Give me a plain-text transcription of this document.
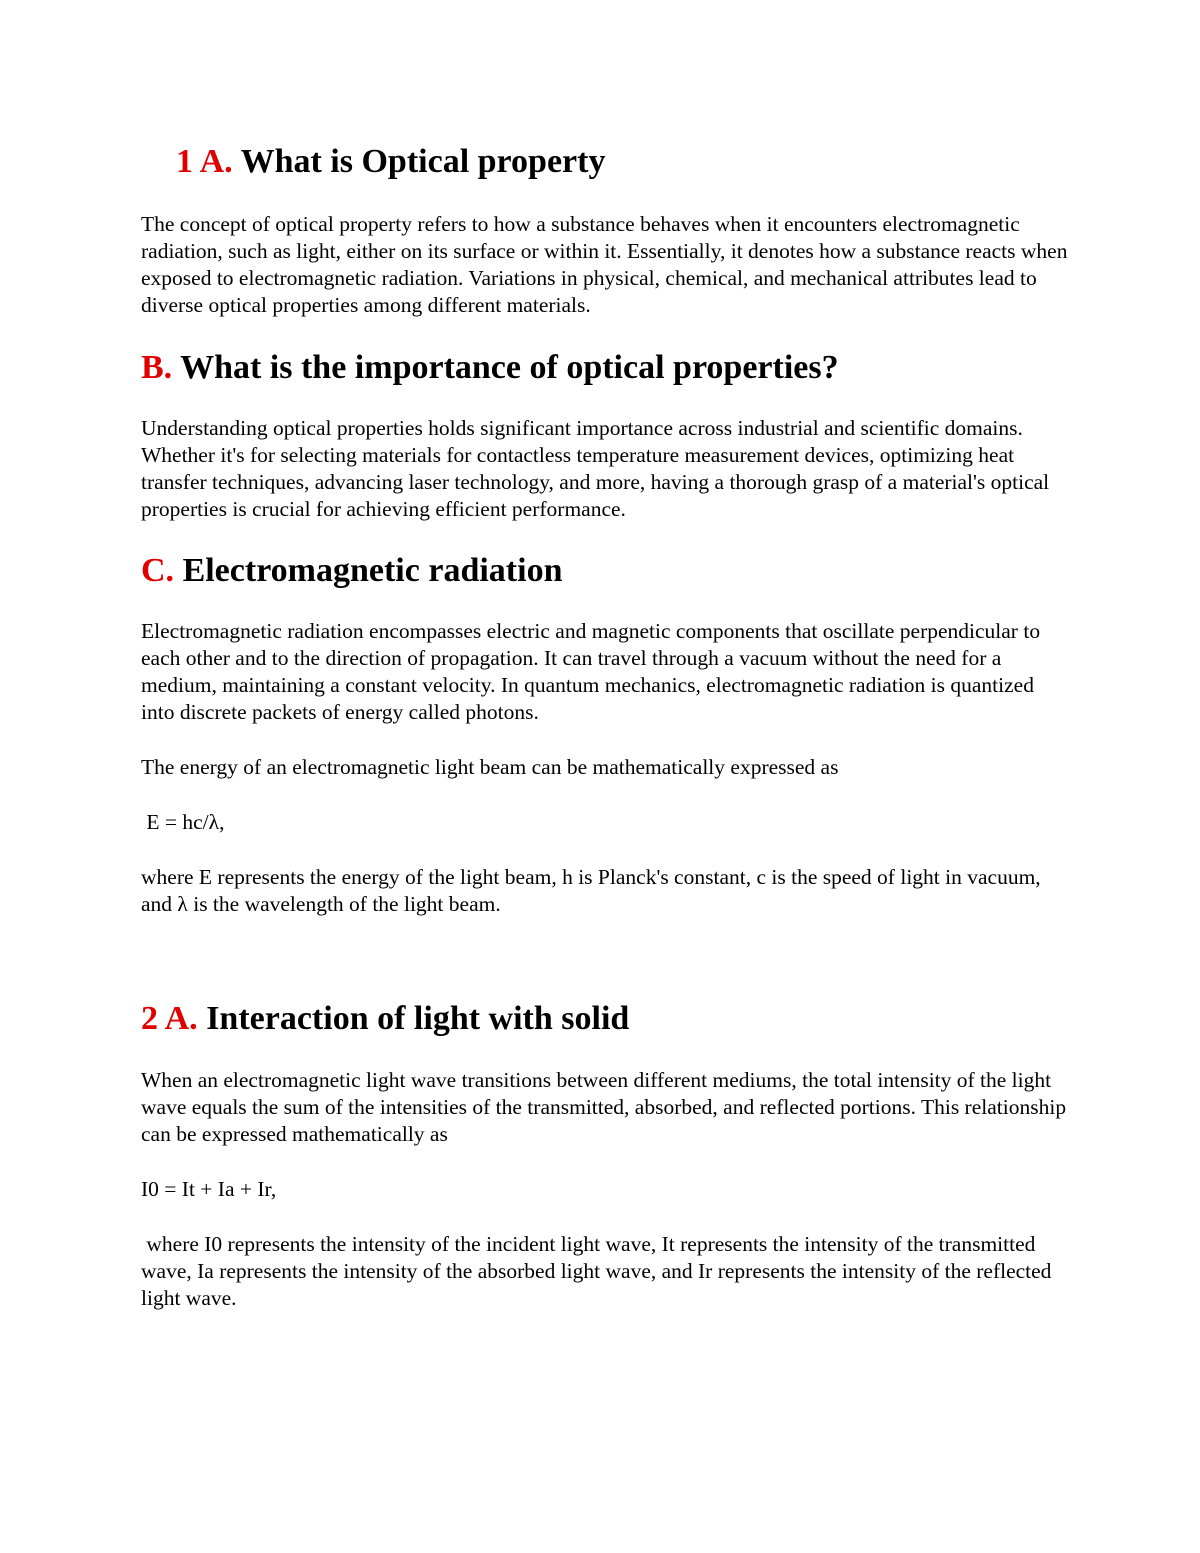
1 A. What is Optical property

The concept of optical property refers to how a substance behaves when it encounters electromagnetic radiation, such as light, either on its surface or within it. Essentially, it denotes how a substance reacts when exposed to electromagnetic radiation. Variations in physical, chemical, and mechanical attributes lead to diverse optical properties among different materials.

B. What is the importance of optical properties?

Understanding optical properties holds significant importance across industrial and scientific domains. Whether it's for selecting materials for contactless temperature measurement devices, optimizing heat transfer techniques, advancing laser technology, and more, having a thorough grasp of a material's optical properties is crucial for achieving efficient performance.

C. Electromagnetic radiation

Electromagnetic radiation encompasses electric and magnetic components that oscillate perpendicular to each other and to the direction of propagation. It can travel through a vacuum without the need for a medium, maintaining a constant velocity. In quantum mechanics, electromagnetic radiation is quantized into discrete packets of energy called photons.

The energy of an electromagnetic light beam can be mathematically expressed as

E = hc/λ,

where E represents the energy of the light beam, h is Planck's constant, c is the speed of light in vacuum, and λ is the wavelength of the light beam.

2 A. Interaction of light with solid

When an electromagnetic light wave transitions between different mediums, the total intensity of the light wave equals the sum of the intensities of the transmitted, absorbed, and reflected portions. This relationship can be expressed mathematically as

I0 = It + Ia + Ir,

where I0 represents the intensity of the incident light wave, It represents the intensity of the transmitted wave, Ia represents the intensity of the absorbed light wave, and Ir represents the intensity of the reflected light wave.
